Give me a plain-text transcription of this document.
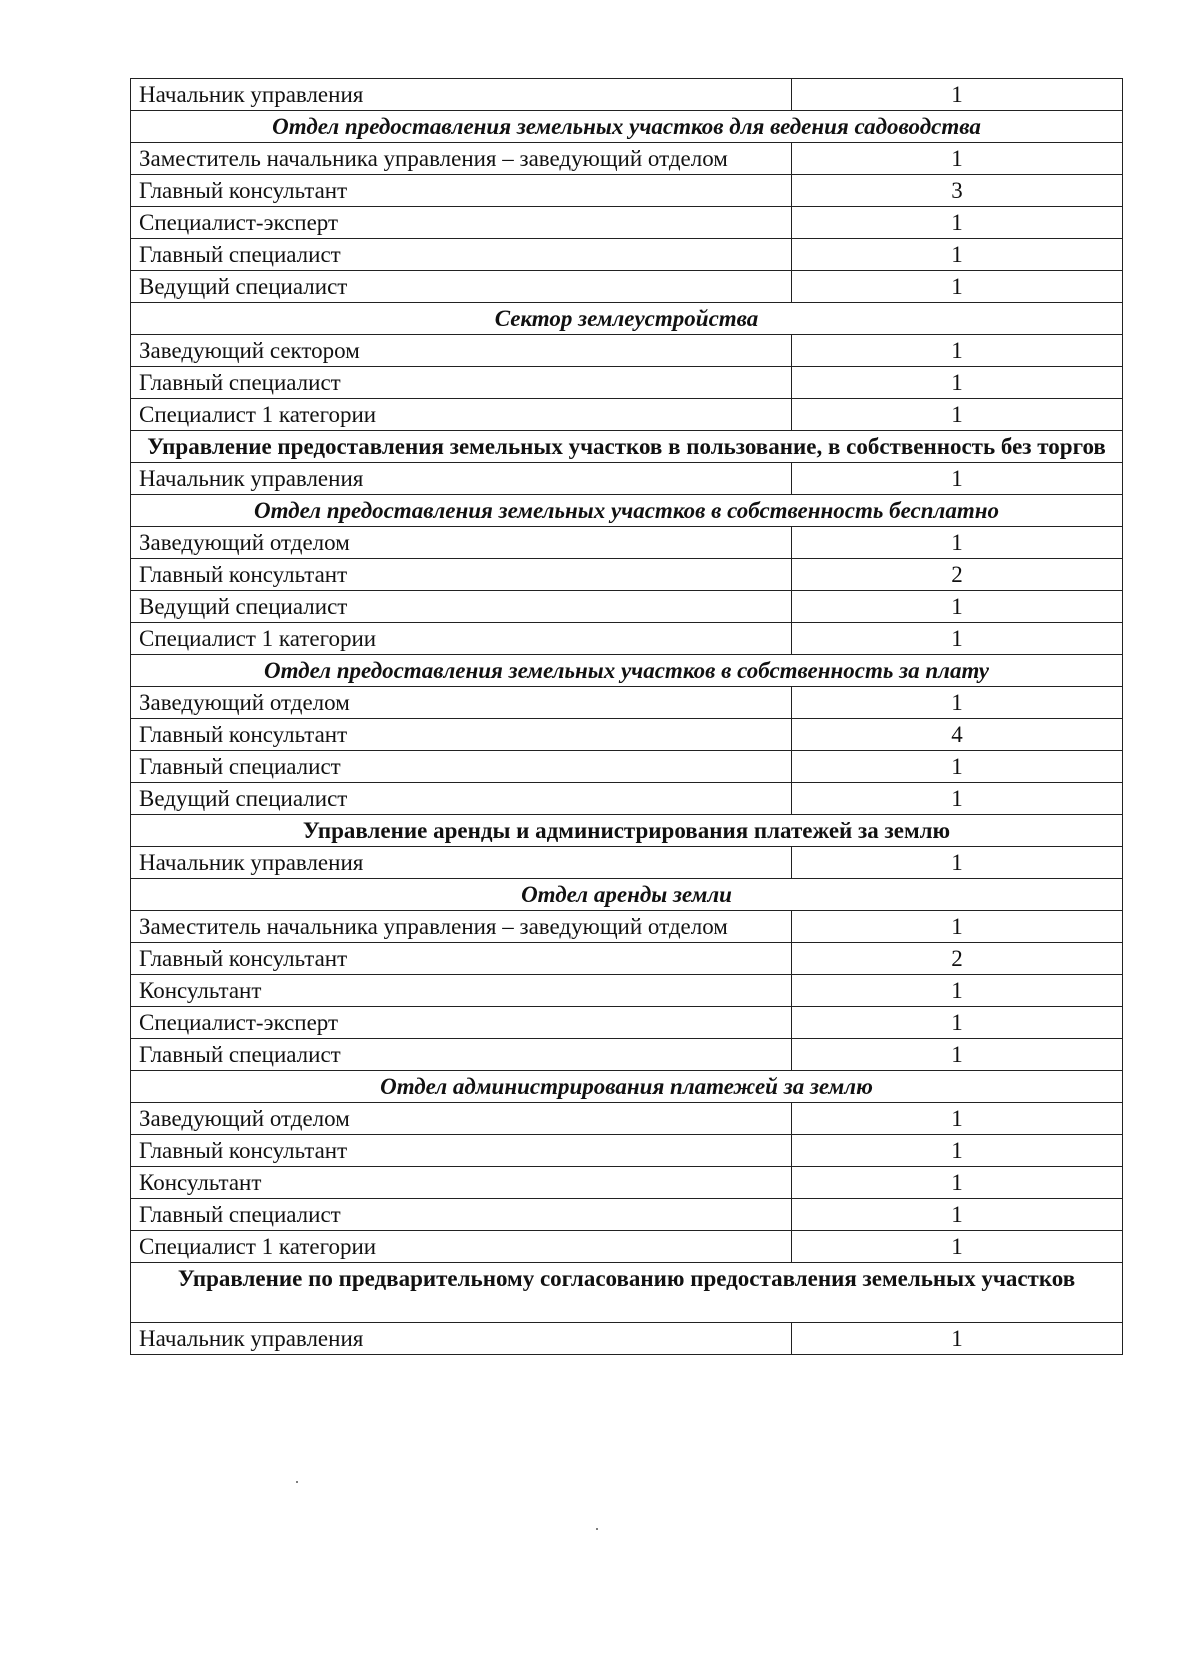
Начальник управления	1
Отдел предоставления земельных участков для ведения садоводства	
Заместитель начальника управления – заведующий отделом	1
Главный консультант	3
Специалист-эксперт	1
Главный специалист	1
Ведущий специалист	1
Сектор землеустройства	
Заведующий сектором	1
Главный специалист	1
Специалист 1 категории	1
Управление предоставления земельных участков в пользование, в собственность без торгов	
Начальник управления	1
Отдел предоставления земельных участков в собственность бесплатно	
Заведующий отделом	1
Главный консультант	2
Ведущий специалист	1
Специалист 1 категории	1
Отдел предоставления земельных участков в собственность за плату	
Заведующий отделом	1
Главный консультант	4
Главный специалист	1
Ведущий специалист	1
Управление аренды и администрирования платежей за землю	
Начальник управления	1
Отдел аренды земли	
Заместитель начальника управления – заведующий отделом	1
Главный консультант	2
Консультант	1
Специалист-эксперт	1
Главный специалист	1
Отдел администрирования платежей за землю	
Заведующий отделом	1
Главный консультант	1
Консультант	1
Главный специалист	1
Специалист 1 категории	1
Управление по предварительному согласованию предоставления земельных участков	
Начальник управления	1
